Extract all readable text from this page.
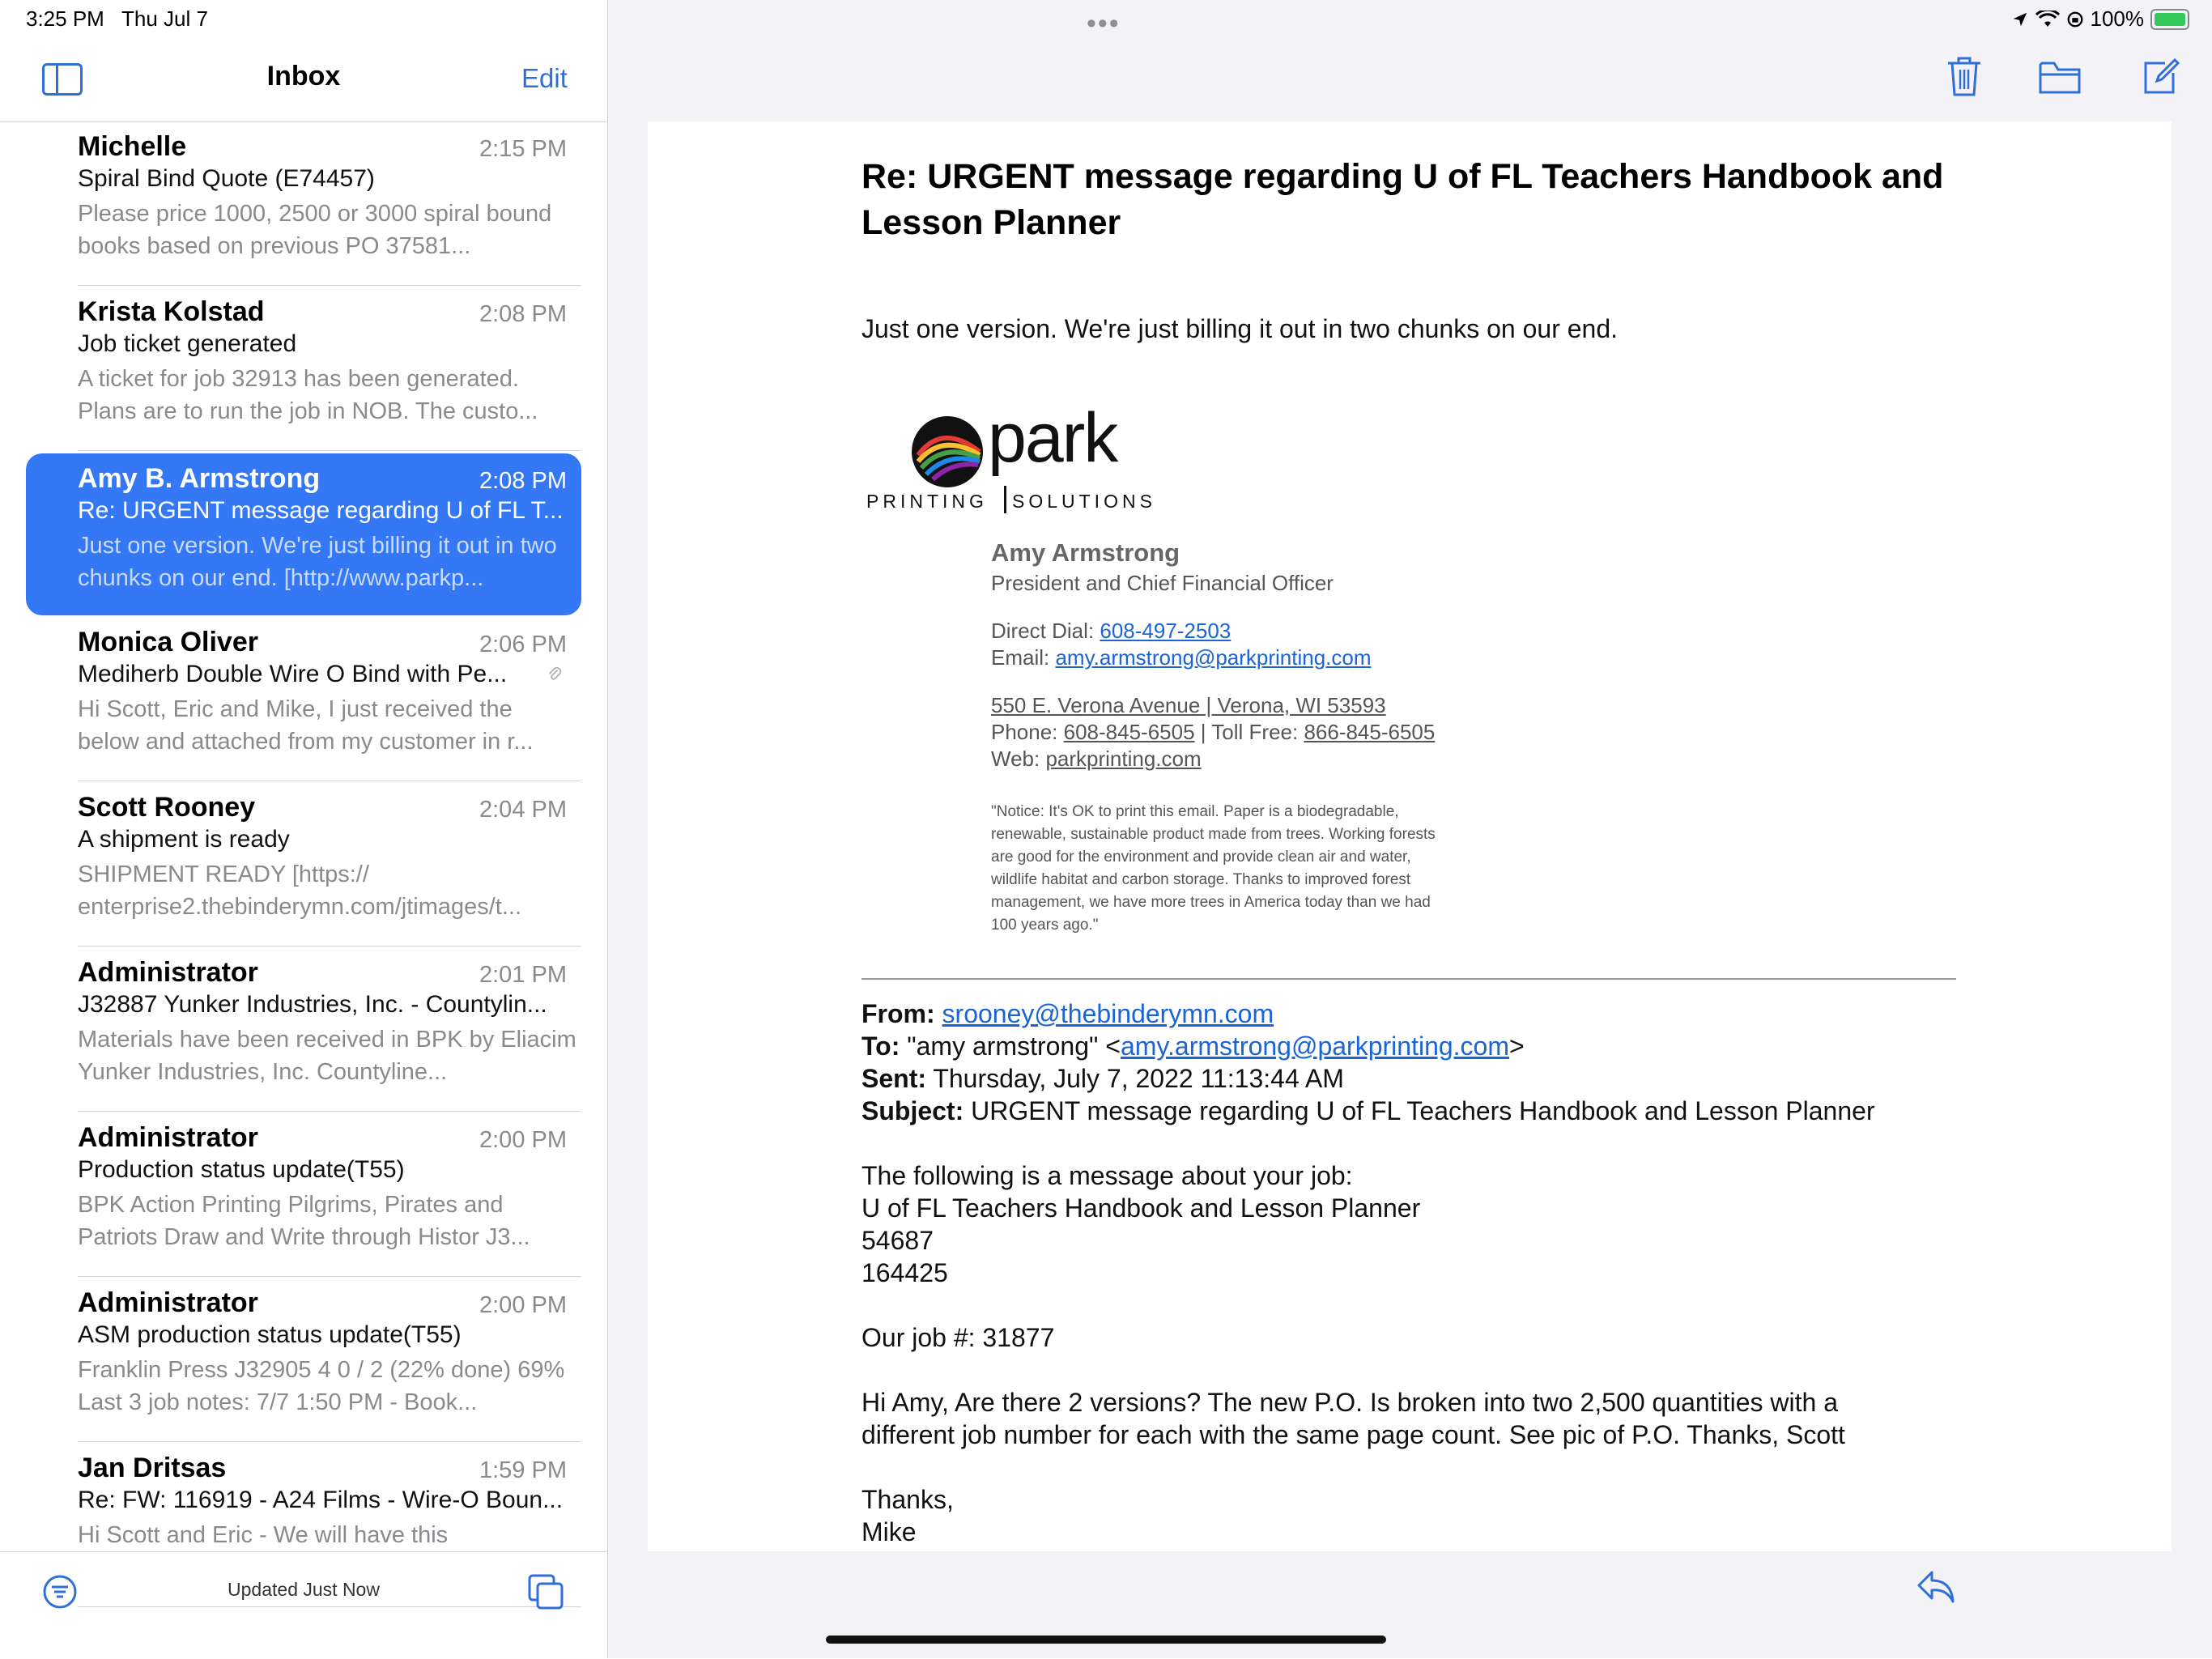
3:25 PM Thu Jul 7	•••	100%
Inbox	Edit
Michelle	2:15 PM
Spiral Bind Quote (E74457)
Please price 1000, 2500 or 3000 spiral bound books based on previous PO 37581...
Krista Kolstad	2:08 PM
Job ticket generated
A ticket for job 32913 has been generated. Plans are to run the job in NOB. The custo...
Amy B. Armstrong	2:08 PM
Re: URGENT message regarding U of FL T...
Just one version. We're just billing it out in two chunks on our end. [http://www.parkp...
Monica Oliver	2:06 PM
Mediherb Double Wire O Bind with Pe...
Hi Scott, Eric and Mike, I just received the below and attached from my customer in r...
Scott Rooney	2:04 PM
A shipment is ready
SHIPMENT READY [https:// enterprise2.thebinderymn.com/jtimages/t...
Administrator	2:01 PM
J32887 Yunker Industries, Inc. - Countylin...
Materials have been received in BPK by Eliacim Yunker Industries, Inc. Countyline...
Administrator	2:00 PM
Production status update(T55)
BPK Action Printing Pilgrims, Pirates and Patriots Draw and Write through Histor J3...
Administrator	2:00 PM
ASM production status update(T55)
Franklin Press J32905 4 0 / 2 (22% done) 69% Last 3 job notes: 7/7 1:50 PM - Book...
Jan Dritsas	1:59 PM
Re: FW: 116919 - A24 Films - Wire-O Boun...
Hi Scott and Eric - We will have this
Updated Just Now
Re: URGENT message regarding U of FL Teachers Handbook and Lesson Planner
Just one version. We're just billing it out in two chunks on our end.
park
PRINTING SOLUTIONS
Amy Armstrong
President and Chief Financial Officer
Direct Dial: 608-497-2503
Email: amy.armstrong@parkprinting.com
550 E. Verona Avenue | Verona, WI 53593
Phone: 608-845-6505 | Toll Free: 866-845-6505
Web: parkprinting.com
"Notice: It's OK to print this email. Paper is a biodegradable, renewable, sustainable product made from trees. Working forests are good for the environment and provide clean air and water, wildlife habitat and carbon storage. Thanks to improved forest management, we have more trees in America today than we had 100 years ago."
From: srooney@thebinderymn.com
To: "amy armstrong" <amy.armstrong@parkprinting.com>
Sent: Thursday, July 7, 2022 11:13:44 AM
Subject: URGENT message regarding U of FL Teachers Handbook and Lesson Planner
The following is a message about your job:
U of FL Teachers Handbook and Lesson Planner
54687
164425
Our job #: 31877
Hi Amy, Are there 2 versions? The new P.O. Is broken into two 2,500 quantities with a
different job number for each with the same page count. See pic of P.O. Thanks, Scott
Thanks,
Mike
